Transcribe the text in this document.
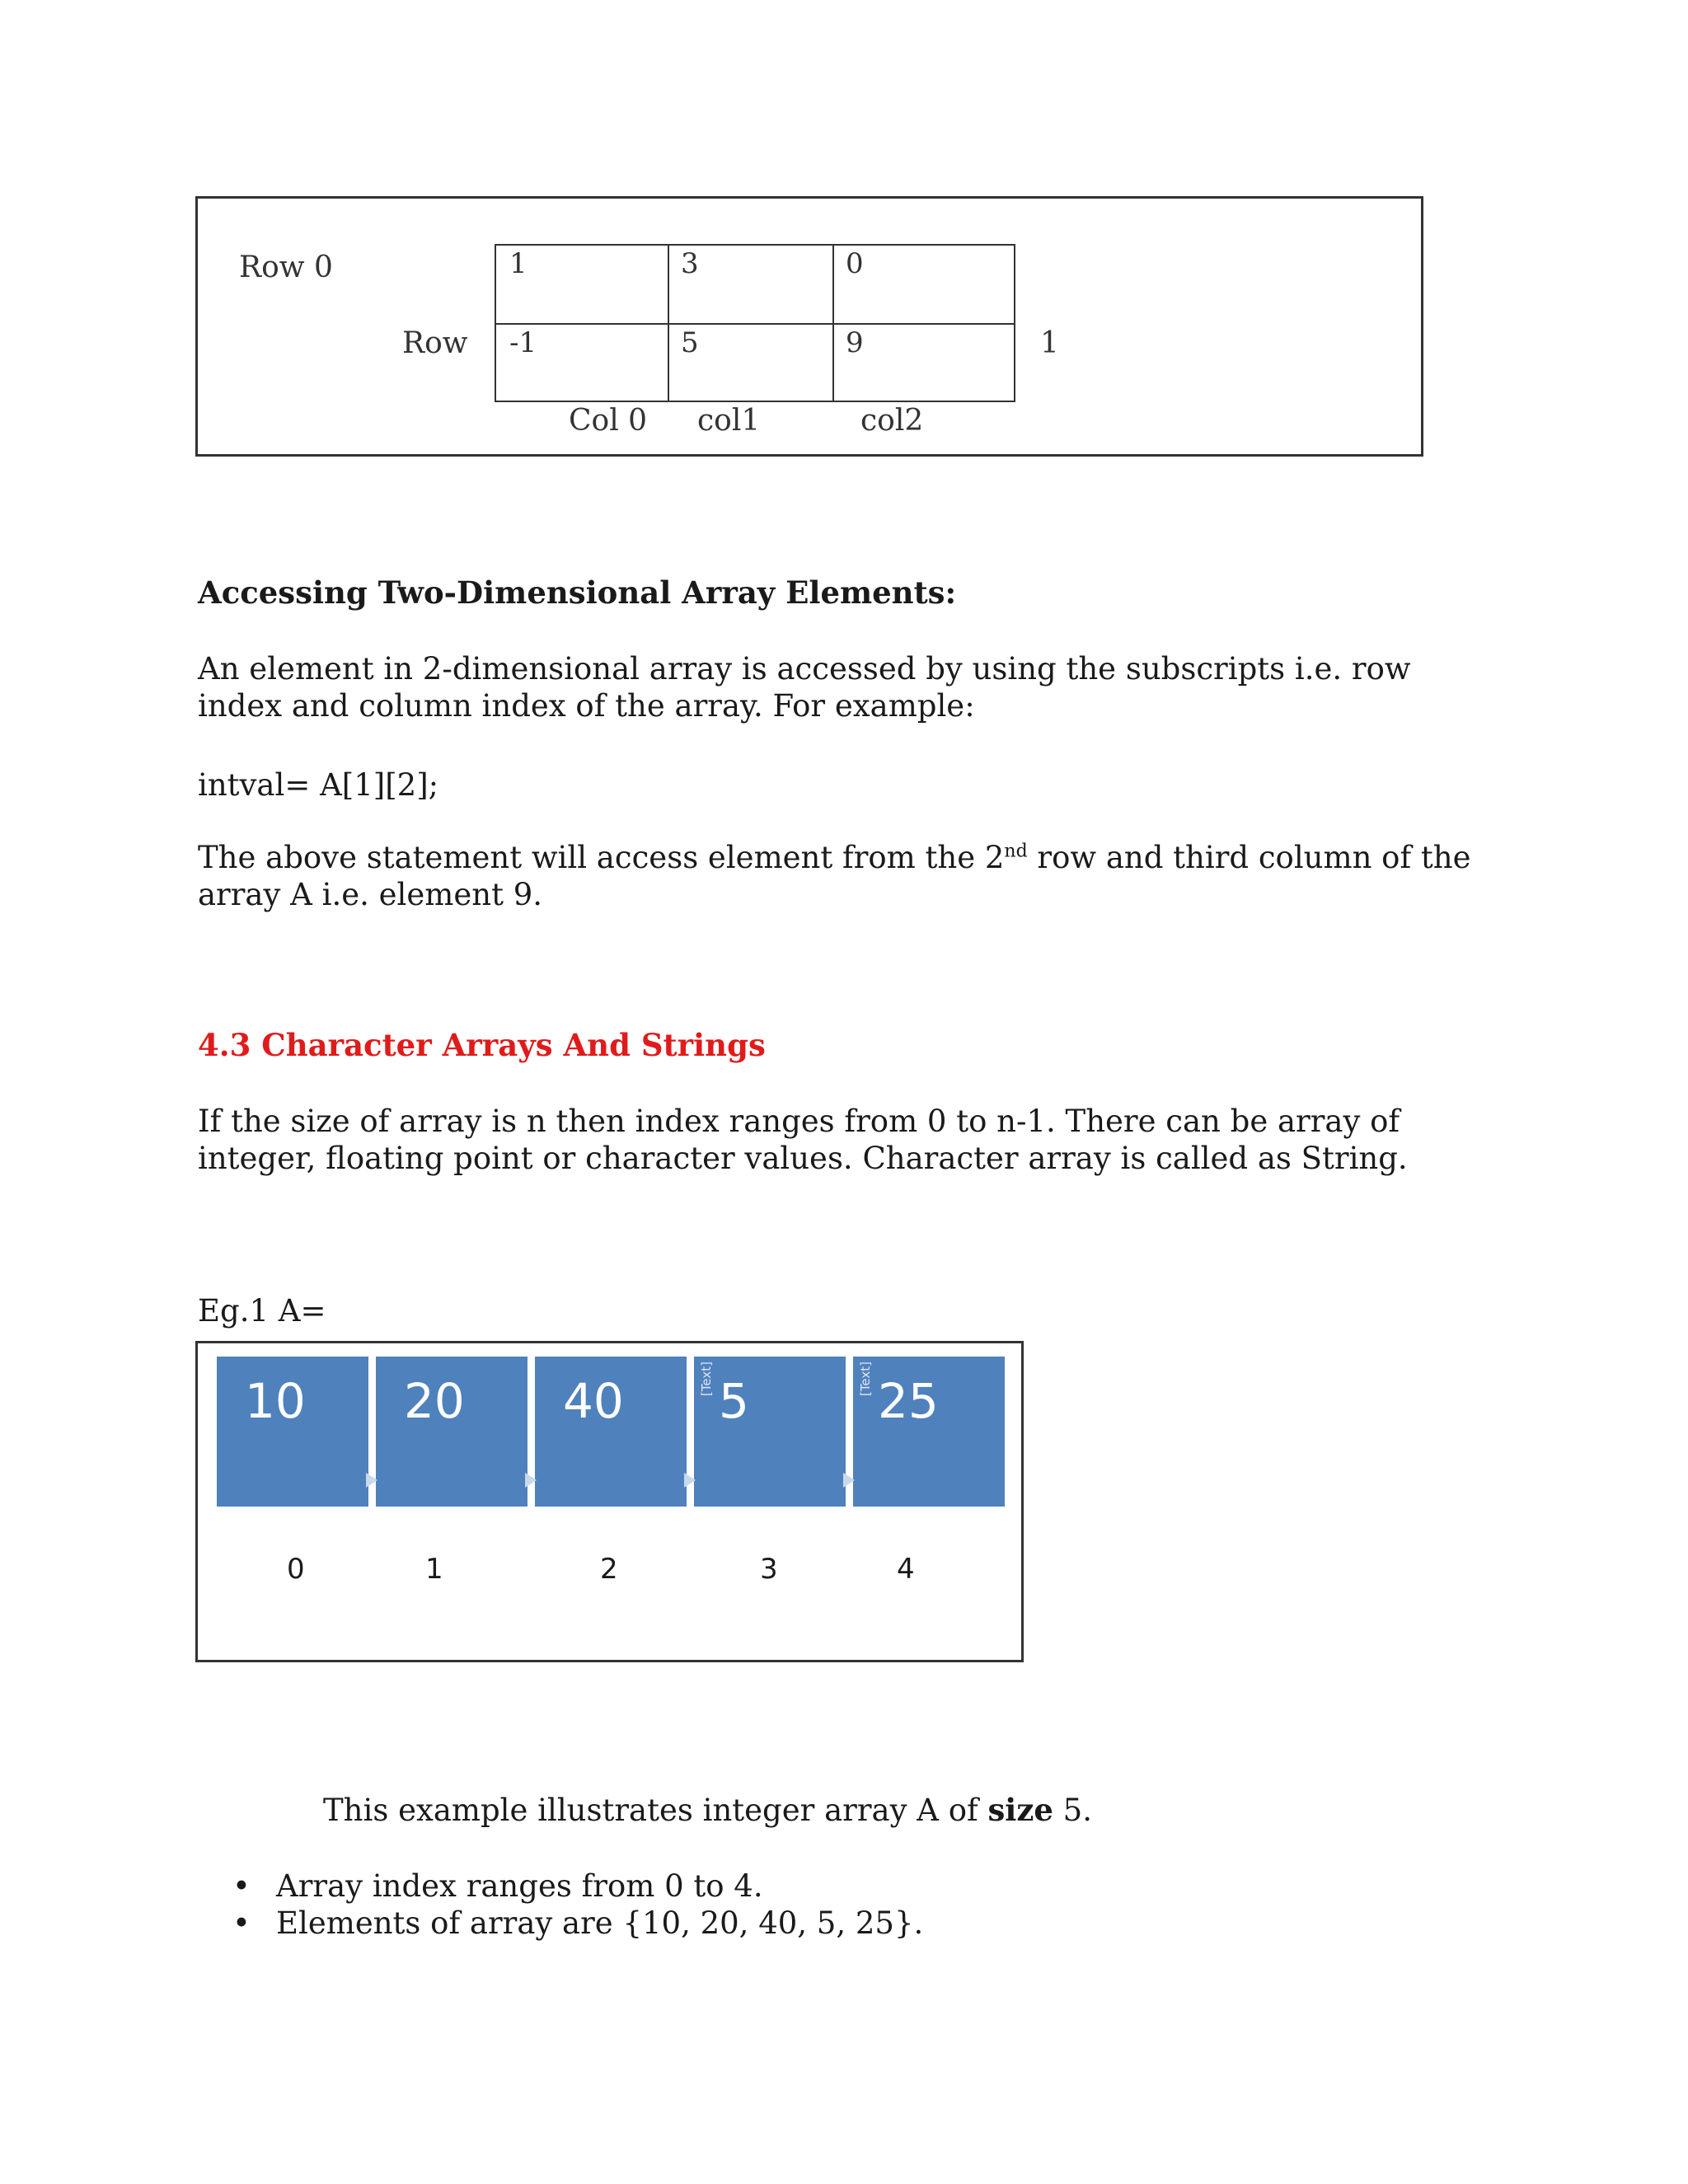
Row 0
Row	1
1	3	0
-1	5	9
Col 0 col1	col2
Accessing Two-Dimensional Array Elements:
An element in 2-dimensional array is accessed by using the subscripts i.e. row index and column index of the array. For example:
intval= A[1][2];
The above statement will access element from the 2nd row and third column of the array A i.e. element 9.
4.3 Character Arrays And Strings
If the size of array is n then index ranges from 0 to n-1. There can be array of integer, floating point or character values. Character array is called as String.
Eg.1 A=
10 20 40	[Text] 5	[Text] 25
0	1	2	3	4
This example illustrates integer array A of size 5.
• Array index ranges from 0 to 4.
• Elements of array are {10, 20, 40, 5, 25}.
